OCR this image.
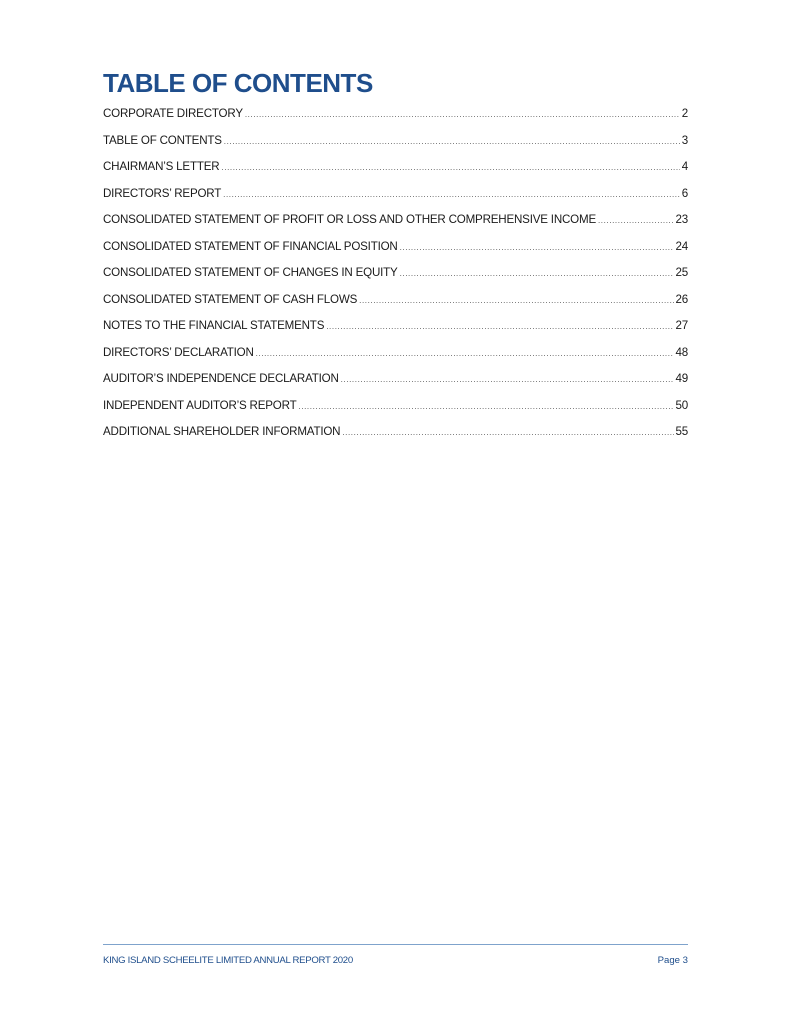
TABLE OF CONTENTS
CORPORATE DIRECTORY .....	2
TABLE OF CONTENTS .....	3
CHAIRMAN’S LETTER .....	4
DIRECTORS’ REPORT .....	6
CONSOLIDATED STATEMENT OF PROFIT OR LOSS AND OTHER COMPREHENSIVE INCOME .....	23
CONSOLIDATED STATEMENT OF FINANCIAL POSITION .....	24
CONSOLIDATED STATEMENT OF CHANGES IN EQUITY .....	25
CONSOLIDATED STATEMENT OF CASH FLOWS .....	26
NOTES TO THE FINANCIAL STATEMENTS .....	27
DIRECTORS’ DECLARATION .....	48
AUDITOR’S INDEPENDENCE DECLARATION .....	49
INDEPENDENT AUDITOR’S REPORT .....	50
ADDITIONAL SHAREHOLDER INFORMATION .....	55
KING ISLAND SCHEELITE LIMITED ANNUAL REPORT 2020	Page 3
